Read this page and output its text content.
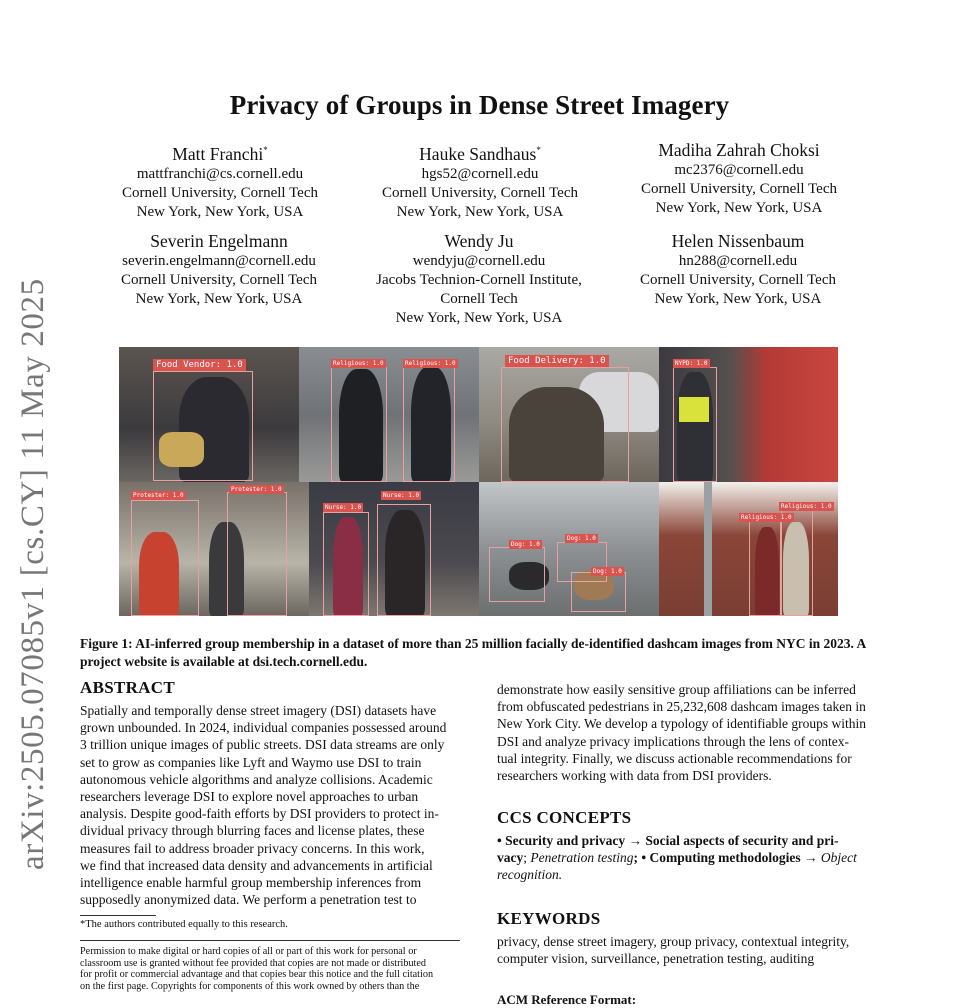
Privacy of Groups in Dense Street Imagery
Matt Franchi*
mattfranchi@cs.cornell.edu
Cornell University, Cornell Tech
New York, New York, USA
Hauke Sandhaus*
hgs52@cornell.edu
Cornell University, Cornell Tech
New York, New York, USA
Madiha Zahrah Choksi
mc2376@cornell.edu
Cornell University, Cornell Tech
New York, New York, USA
Severin Engelmann
severin.engelmann@cornell.edu
Cornell University, Cornell Tech
New York, New York, USA
Wendy Ju
wendyju@cornell.edu
Jacobs Technion-Cornell Institute,
Cornell Tech
New York, New York, USA
Helen Nissenbaum
hn288@cornell.edu
Cornell University, Cornell Tech
New York, New York, USA
arXiv:2505.07085v1 [cs.CY] 11 May 2025	Food Vendor: 1.0	Religious: 1.0	Religious: 1.0	Food Delivery: 1.0	NYPD: 1.0
Protester: 1.0
Protester: 1.0
Nurse: 1.0
Nurse: 1.0
Dog: 1.0
Dog: 1.0
Dog: 1.0
Religious: 1.0
Religious: 1.0
Figure 1: AI-inferred group membership in a dataset of more than 25 million facially de-identified dashcam images from NYC in 2023. A project website is available at dsi.tech.cornell.edu.
ABSTRACT
Spatially and temporally dense street imagery (DSI) datasets have
grown unbounded. In 2024, individual companies possessed around
3 trillion unique images of public streets. DSI data streams are only
set to grow as companies like Lyft and Waymo use DSI to train
autonomous vehicle algorithms and analyze collisions. Academic
researchers leverage DSI to explore novel approaches to urban
analysis. Despite good-faith efforts by DSI providers to protect in-
dividual privacy through blurring faces and license plates, these
measures fail to address broader privacy concerns. In this work,
we find that increased data density and advancements in artificial
intelligence enable harmful group membership inferences from
supposedly anonymized data. We perform a penetration test to
*The authors contributed equally to this research.
Permission to make digital or hard copies of all or part of this work for personal or
classroom use is granted without fee provided that copies are not made or distributed
for profit or commercial advantage and that copies bear this notice and the full citation
on the first page. Copyrights for components of this work owned by others than the
demonstrate how easily sensitive group affiliations can be inferred
from obfuscated pedestrians in 25,232,608 dashcam images taken in
New York City. We develop a typology of identifiable groups within
DSI and analyze privacy implications through the lens of contex-
tual integrity. Finally, we discuss actionable recommendations for
researchers working with data from DSI providers.
CCS CONCEPTS
• Security and privacy → Social aspects of security and pri-
vacy; Penetration testing; • Computing methodologies → Object
recognition.
KEYWORDS
privacy, dense street imagery, group privacy, contextual integrity,
computer vision, surveillance, penetration testing, auditing
ACM Reference Format:
